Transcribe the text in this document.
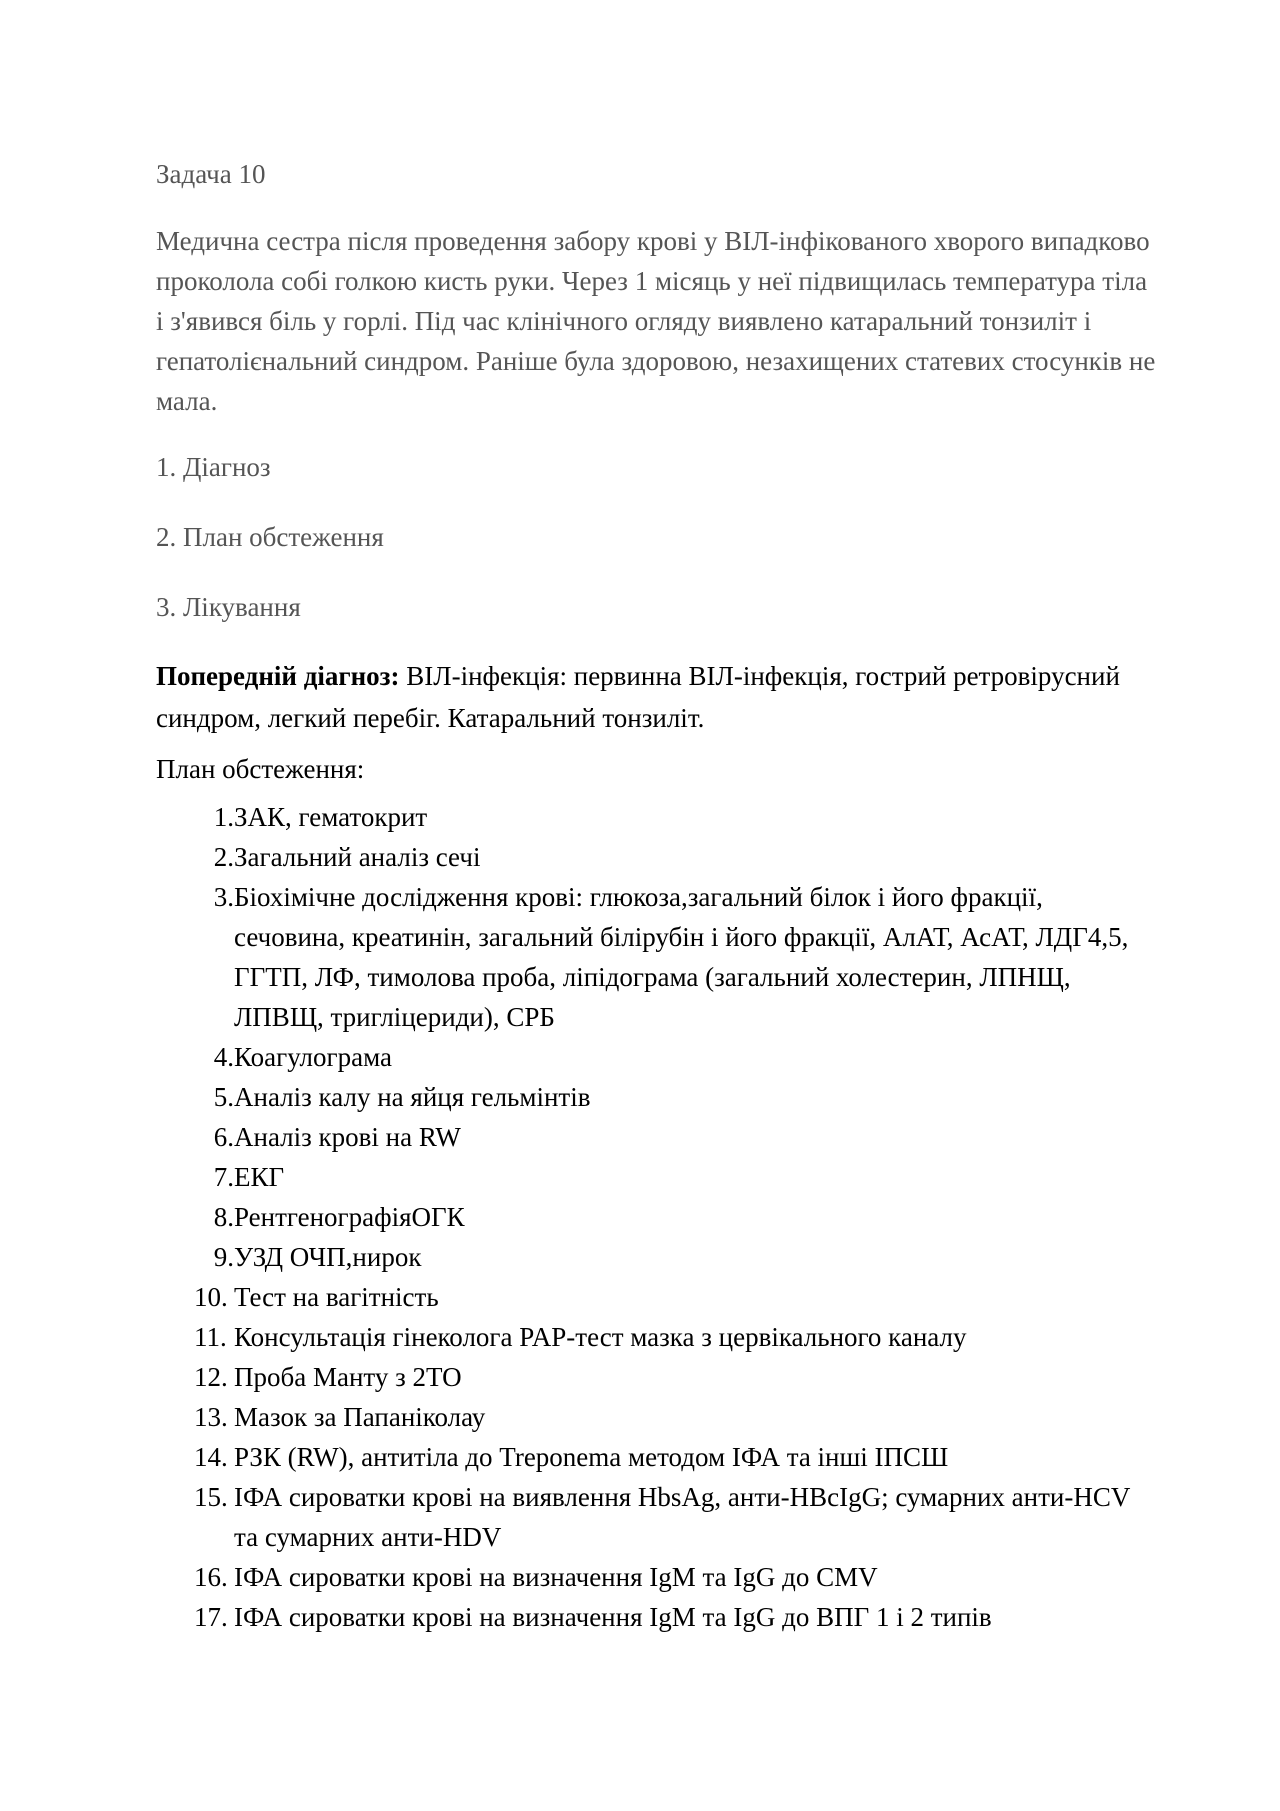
Задача 10

Медична сестра після проведення забору крові у ВІЛ-інфікованого хворого випадково проколола собі голкою кисть руки. Через 1 місяць у неї підвищилась температура тіла і з'явився біль у горлі. Під час клінічного огляду виявлено катаральний тонзиліт і гепатолієнальний синдром. Раніше була здоровою, незахищених статевих стосунків не мала.

1. Діагноз

2. План обстеження

3. Лікування

Попередній діагноз: ВІЛ-інфекція: первинна ВІЛ-інфекція, гострий ретровірусний синдром, легкий перебіг. Катаральний тонзиліт.

План обстеження:

1. ЗАК, гематокрит
2. Загальний аналіз сечі
3. Біохімічне дослідження крові: глюкоза,загальний білок і його фракції, сечовина, креатинін, загальний білірубін і його фракції, АлАТ, АсАТ, ЛДГ4,5, ГГТП, ЛФ, тимолова проба, ліпідограма (загальний холестерин, ЛПНЩ, ЛПВЩ, тригліцериди), СРБ
4. Коагулограма
5. Аналіз калу на яйця гельмінтів
6. Аналіз крові на RW
7. ЕКГ
8. РентгенографіяОГК
9. УЗД ОЧП,нирок
10. Тест на вагітність
11. Консультація гінеколога PAP-тест мазка з цервікального каналу
12. Проба Манту з 2ТО
13. Мазок за Папаніколау
14. РЗК (RW), антитіла до Treponema методом ІФА та інші ІПСШ
15. ІФА сироватки крові на виявлення HbsAg, анти-HBcIgG; сумарних анти-HCV та сумарних анти-HDV
16. ІФА сироватки крові на визначення IgM та IgG до CMV
17. ІФА сироватки крові на визначення IgM та IgG до ВПГ 1 і 2 типів
